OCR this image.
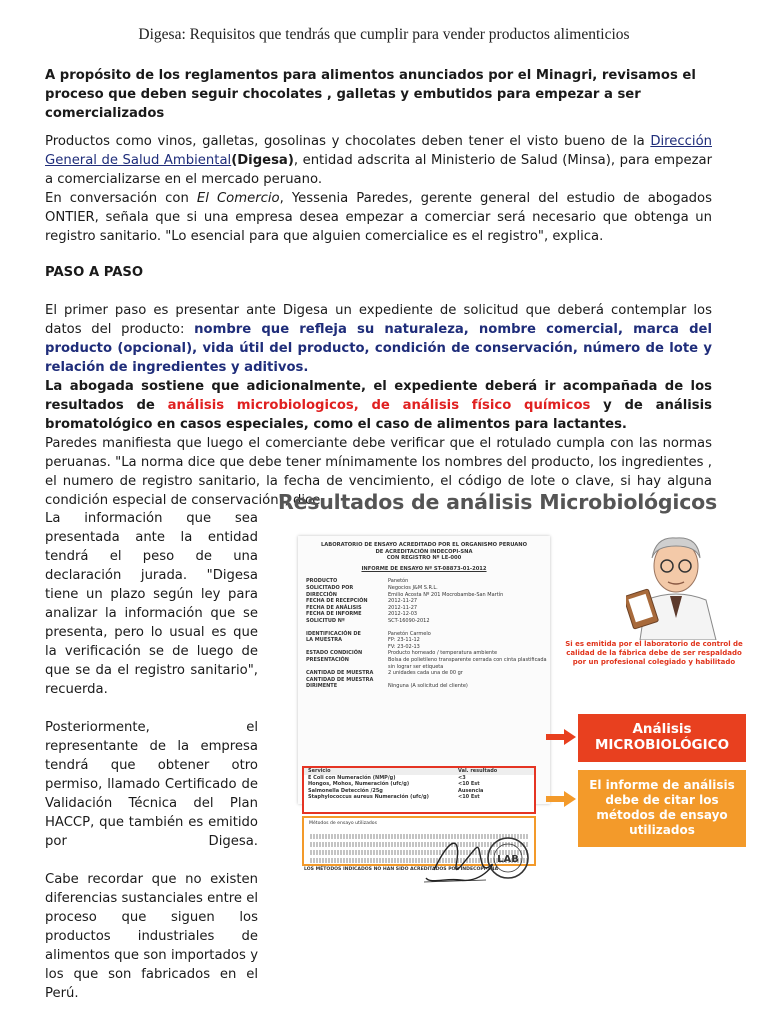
Digesa: Requisitos que tendrás que cumplir para vender productos alimenticios
A propósito de los reglamentos para alimentos anunciados por el Minagri, revisamos el proceso que deben seguir chocolates , galletas y embutidos para empezar a ser comercializados
Productos como vinos, galletas, gosolinas y chocolates deben tener el visto bueno de la Dirección General de Salud Ambiental(Digesa), entidad adscrita al Ministerio de Salud (Minsa), para empezar a comercializarse en el mercado peruano.
En conversación con El Comercio, Yessenia Paredes, gerente general del estudio de abogados ONTIER, señala que si una empresa desea empezar a comerciar será necesario que obtenga un registro sanitario. "Lo esencial para que alguien comercialice es el registro", explica.
PASO A PASO
El primer paso es presentar ante Digesa un expediente de solicitud que deberá contemplar los datos del producto: nombre que refleja su naturaleza, nombre comercial, marca del producto (opcional), vida útil del producto, condición de conservación, número de lote y relación de ingredientes y aditivos.
La abogada sostiene que adicionalmente, el expediente deberá ir acompañada de los resultados de análisis microbiologicos, de análisis físico químicos y de análisis bromatológico en casos especiales, como el caso de alimentos para lactantes.
Paredes manifiesta que luego el comerciante debe verificar que el rotulado cumpla con las normas peruanas. "La norma dice que debe tener mínimamente los nombres del producto, los ingredientes , el numero de registro sanitario, la fecha de vencimiento, el código de lote o clave, si hay alguna condición especial de conservación", dice.

La información que sea presentada ante la entidad tendrá el peso de una declaración jurada. "Digesa tiene un plazo según ley para analizar la información que se presenta, pero lo usual es que la verificación se de luego de que se da el registro sanitario", recuerda.

Posteriormente, el representante de la empresa tendrá que obtener otro permiso, llamado Certificado de Validación Técnica del Plan HACCP, que también es emitido por Digesa.

Cabe recordar que no existen diferencias sustanciales entre el proceso que siguen los productos industriales de alimentos que son importados y los que son fabricados en el Perú.

Resultados de análisis Microbiológicos
LABORATORIO DE ENSAYO ACREDITADO POR EL ORGANISMO PERUANO
DE ACREDITACIÓN INDECOPI-SNA
CON REGISTRO Nº LE-000
INFORME DE ENSAYO Nº ST-08873-01-2012
PRODUCTO	Panetón
SOLICITADO POR	Negocios J&M S.R.L.
DIRECCIÓN	Emilio Acosta Nº 201 Mocrobambe-San Martín
FECHA DE RECEPCIÓN	2012-11-27
FECHA DE ANÁLISIS	2012-11-27
FECHA DE INFORME	2012-12-03
SOLICITUD Nº	SCT-16090-2012
IDENTIFICACIÓN DE	Panetón Carmelo
LA MUESTRA	FP: 23-11-12
FV: 23-02-13
ESTADO CONDICIÓN	Producto horneado / temperatura ambiente
PRESENTACIÓN	Bolsa de polietileno transparente cerrada con cinta plastificada sin lograr ser etiqueta
CANTIDAD DE MUESTRA	2 unidades cada una de 00 gr
CANTIDAD DE MUESTRA
DIRIMENTE	Ninguna (A solicitud del cliente)
Servicio	Val. resultado
E Coli con Numeración (NMP/g)	<3
Hongos, Mohos, Numeración (ufc/g)	<10 Est
Salmonella Detección /25g	Ausencia
Staphylococcus aureus Numeración (ufc/g)	<10 Est
Métodos de ensayo utilizados
LOS MÉTODOS INDICADOS NO HAN SIDO ACREDITADOS POR INDECOPI-SNA
LAB
Si es emitida por el laboratorio de control de calidad de la fábrica debe de ser respaldado por un profesional colegiado y habilitado
Análisis
MICROBIOLÓGICO
El informe de análisis debe de citar los métodos de ensayo utilizados
